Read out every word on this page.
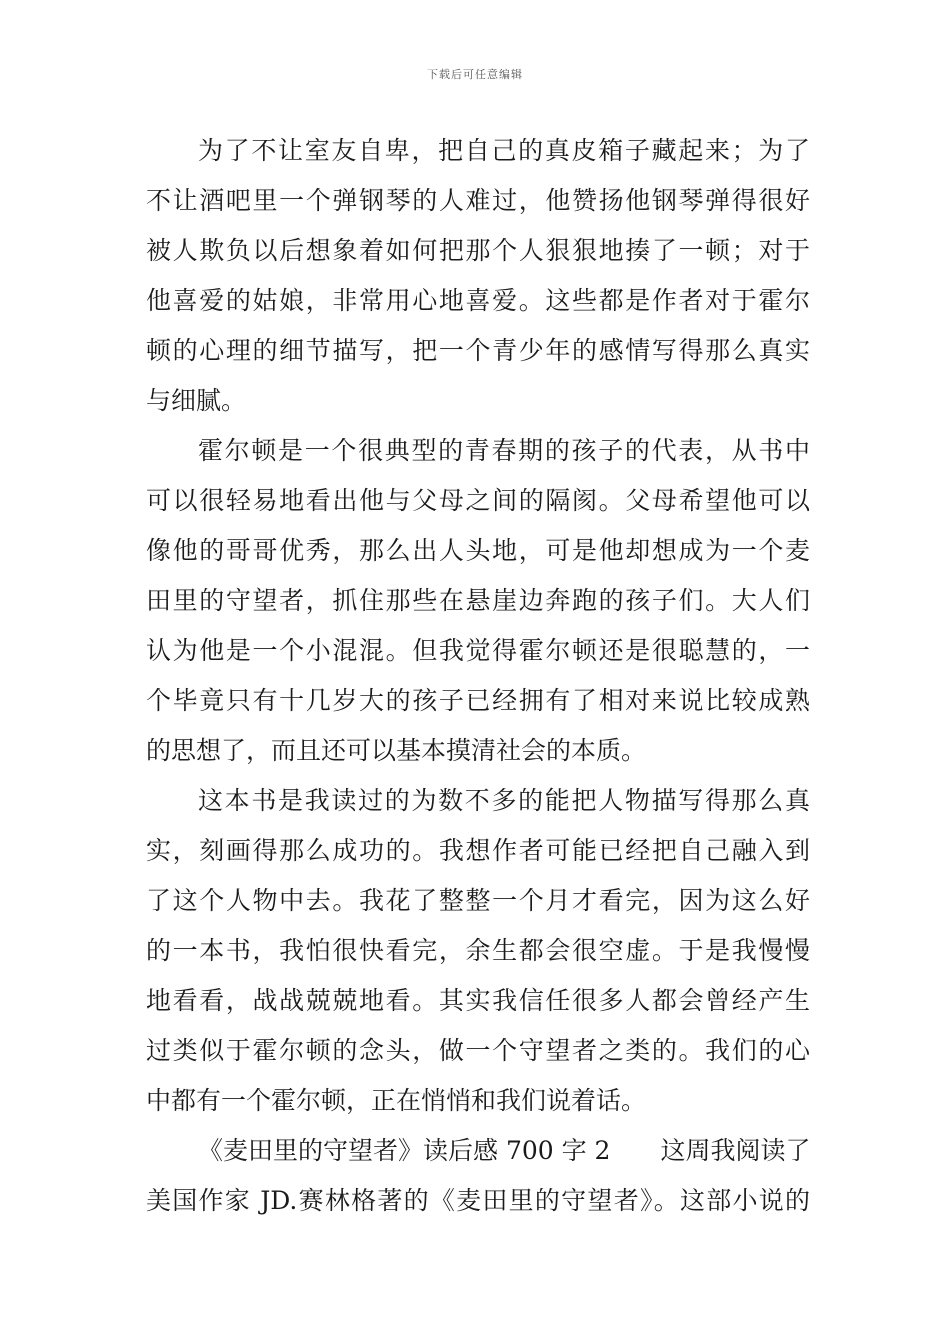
下载后可任意编辑
为了不让室友自卑，把自己的真皮箱子藏起来；为了
不让酒吧里一个弹钢琴的人难过，他赞扬他钢琴弹得很好
被人欺负以后想象着如何把那个人狠狠地揍了一顿；对于
他喜爱的姑娘，非常用心地喜爱。这些都是作者对于霍尔
顿的心理的细节描写，把一个青少年的感情写得那么真实
与细腻。
霍尔顿是一个很典型的青春期的孩子的代表，从书中
可以很轻易地看出他与父母之间的隔阂。父母希望他可以
像他的哥哥优秀，那么出人头地，可是他却想成为一个麦
田里的守望者，抓住那些在悬崖边奔跑的孩子们。大人们
认为他是一个小混混。但我觉得霍尔顿还是很聪慧的，一
个毕竟只有十几岁大的孩子已经拥有了相对来说比较成熟
的思想了，而且还可以基本摸清社会的本质。
这本书是我读过的为数不多的能把人物描写得那么真
实，刻画得那么成功的。我想作者可能已经把自己融入到
了这个人物中去。我花了整整一个月才看完，因为这么好
的一本书，我怕很快看完，余生都会很空虚。于是我慢慢
地看看，战战兢兢地看。其实我信任很多人都会曾经产生
过类似于霍尔顿的念头，做一个守望者之类的。我们的心
中都有一个霍尔顿，正在悄悄和我们说着话。
《麦田里的守望者》读后感 700 字 2　　这周我阅读了
美国作家 JD.赛林格著的《麦田里的守望者》。这部小说的
